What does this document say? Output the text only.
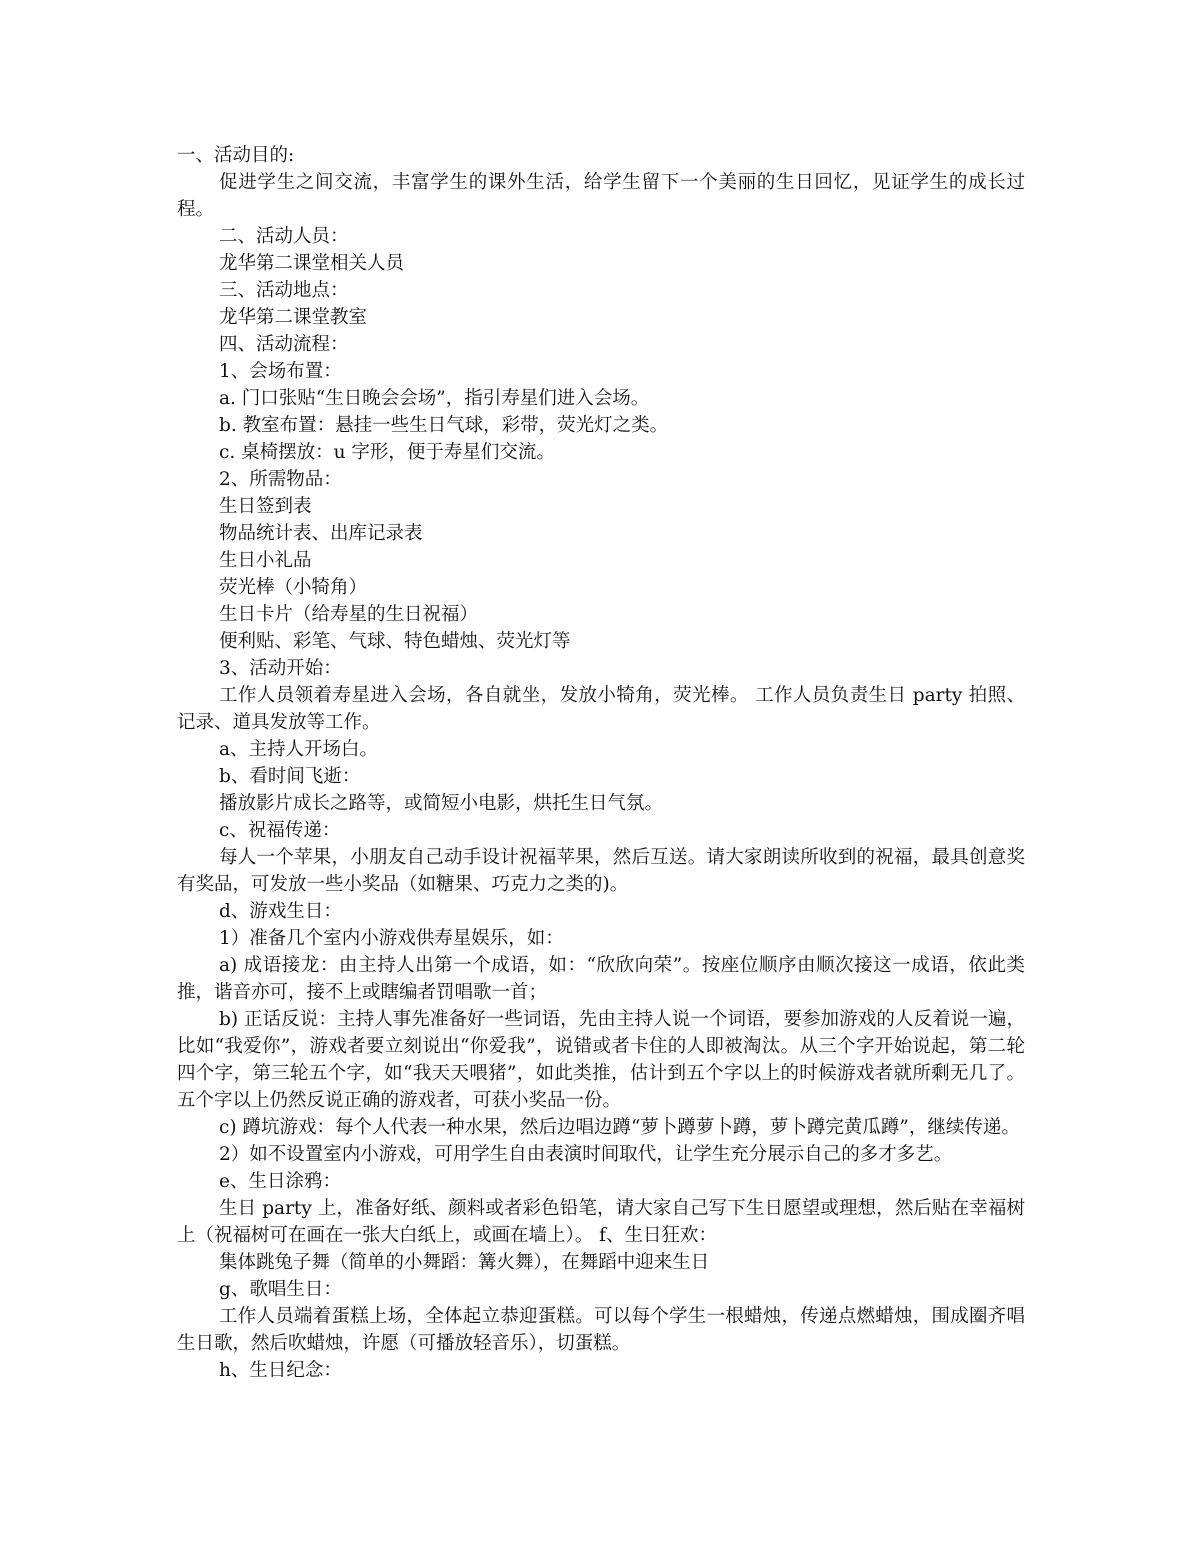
一、活动目的:
促进学生之间交流，丰富学生的课外生活，给学生留下一个美丽的生日回忆，见证学生的成长过程。
二、活动人员：
龙华第二课堂相关人员
三、活动地点：
龙华第二课堂教室
四、活动流程：
1、会场布置：
a. 门口张贴“生日晚会会场”，指引寿星们进入会场。
b. 教室布置：悬挂一些生日气球，彩带，荧光灯之类。
c. 桌椅摆放：u 字形，便于寿星们交流。
2、所需物品：
生日签到表
物品统计表、出库记录表
生日小礼品
荧光棒（小犄角）
生日卡片（给寿星的生日祝福）
便利贴、彩笔、气球、特色蜡烛、荧光灯等
3、活动开始：
工作人员领着寿星进入会场，各自就坐，发放小犄角，荧光棒。 工作人员负责生日 party 拍照、记录、道具发放等工作。
a、主持人开场白。
b、看时间飞逝：
播放影片成长之路等，或简短小电影，烘托生日气氛。
c、祝福传递：
每人一个苹果，小朋友自己动手设计祝福苹果，然后互送。请大家朗读所收到的祝福，最具创意奖有奖品，可发放一些小奖品（如糖果、巧克力之类的)。
d、游戏生日：
1）准备几个室内小游戏供寿星娱乐，如：
a) 成语接龙：由主持人出第一个成语，如：“欣欣向荣”。按座位顺序由顺次接这一成语，依此类推，谐音亦可，接不上或瞎编者罚唱歌一首；
b) 正话反说：主持人事先准备好一些词语，先由主持人说一个词语，要参加游戏的人反着说一遍，比如“我爱你”，游戏者要立刻说出“你爱我”，说错或者卡住的人即被淘汰。从三个字开始说起，第二轮四个字，第三轮五个字，如“我天天喂猪”，如此类推，估计到五个字以上的时候游戏者就所剩无几了。五个字以上仍然反说正确的游戏者，可获小奖品一份。
c) 蹲坑游戏：每个人代表一种水果，然后边唱边蹲“萝卜蹲萝卜蹲，萝卜蹲完黄瓜蹲”，继续传递。
2）如不设置室内小游戏，可用学生自由表演时间取代，让学生充分展示自己的多才多艺。
e、生日涂鸦：
生日 party 上，准备好纸、颜料或者彩色铅笔，请大家自己写下生日愿望或理想，然后贴在幸福树上（祝福树可在画在一张大白纸上，或画在墙上）。 f、生日狂欢：
集体跳兔子舞（简单的小舞蹈：篝火舞），在舞蹈中迎来生日
g、歌唱生日：
工作人员端着蛋糕上场，全体起立恭迎蛋糕。可以每个学生一根蜡烛，传递点燃蜡烛，围成圈齐唱生日歌，然后吹蜡烛，许愿（可播放轻音乐），切蛋糕。
h、生日纪念：
